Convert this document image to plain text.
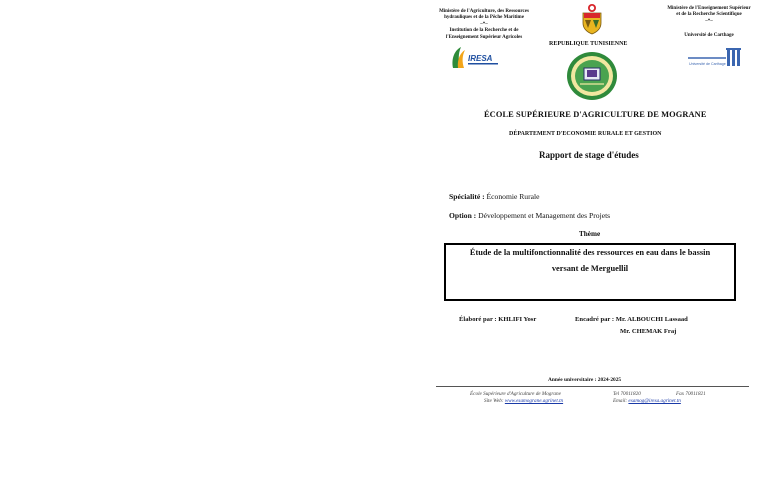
Ministère de l'Agriculture, des Ressources
hydrauliques et de la Pêche Maritime
–*–
Institution de la Recherche et de
l'Enseignement Supérieur Agricoles
IRESA
REPUBLIQUE TUNISIENNE
Ministère de l'Enseignement Supérieur
et de la Recherche Scientifique
–*–
Université de Carthage
Université de Carthage
ÉCOLE SUPÉRIEURE D'AGRICULTURE DE MOGRANE
DÉPARTEMENT D'ECONOMIE RURALE ET GESTION
Rapport de stage d'études
Spécialité : Économie Rurale
Option : Développement et Management des Projets
Thème
Étude de la multifonctionnalité des ressources en eau dans le bassin
versant de Merguellil
Élaboré par : KHLIFI Yosr	Encadré par : Mr. ALBOUCHI Lassaad
Mr. CHEMAK Fraj
Année universitaire : 2024-2025
École Supérieure d'Agriculture de Mograne	Tel 70011820	Fax 70011821
Site Web: www.esamograne.agrinet.tn	Email: esamog@iresa.agrinet.tn
